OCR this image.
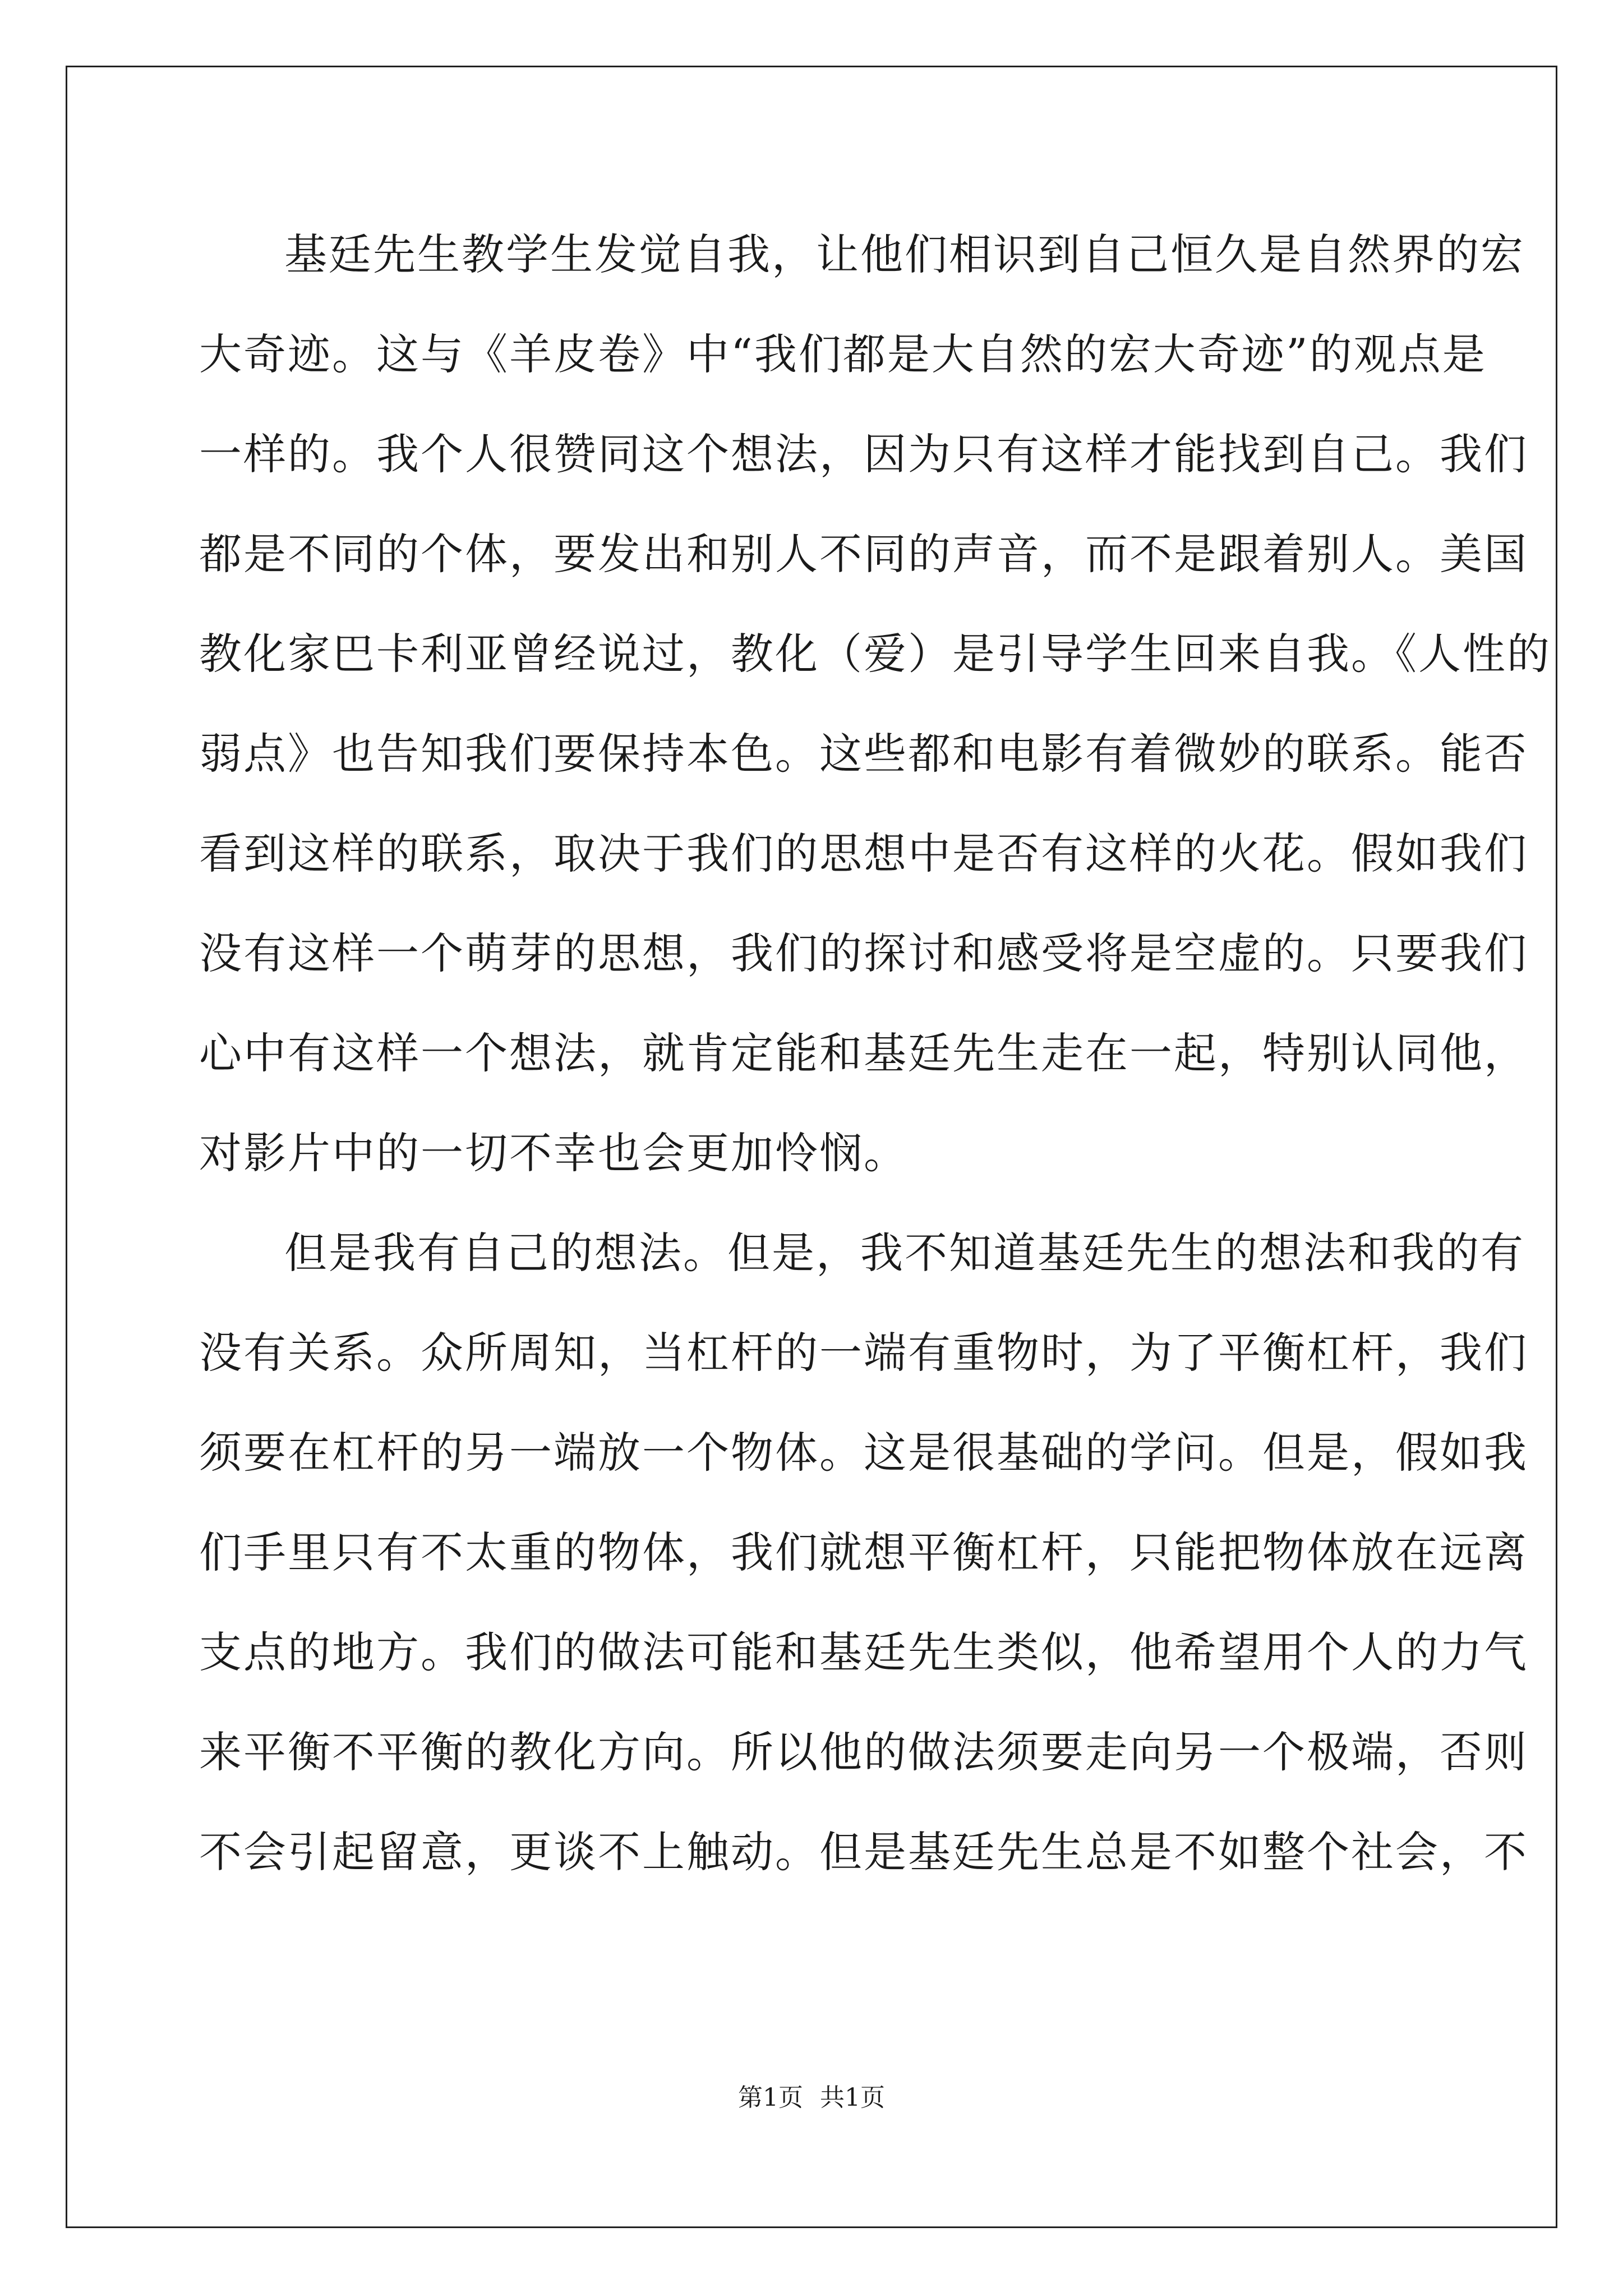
基廷先生教学生发觉自我，让他们相识到自己恒久是自然界的宏
大奇迹。这与《羊皮卷》中“我们都是大自然的宏大奇迹”的观点是
一样的。我个人很赞同这个想法，因为只有这样才能找到自己。我们
都是不同的个体，要发出和别人不同的声音，而不是跟着别人。美国
教化家巴卡利亚曾经说过，教化（爱）是引导学生回来自我。《人性的
弱点》也告知我们要保持本色。这些都和电影有着微妙的联系。能否
看到这样的联系，取决于我们的思想中是否有这样的火花。假如我们
没有这样一个萌芽的思想，我们的探讨和感受将是空虚的。只要我们
心中有这样一个想法，就肯定能和基廷先生走在一起，特别认同他，
对影片中的一切不幸也会更加怜悯。
但是我有自己的想法。但是，我不知道基廷先生的想法和我的有
没有关系。众所周知，当杠杆的一端有重物时，为了平衡杠杆，我们
须要在杠杆的另一端放一个物体。这是很基础的学问。但是，假如我
们手里只有不太重的物体，我们就想平衡杠杆，只能把物体放在远离
支点的地方。我们的做法可能和基廷先生类似，他希望用个人的力气
来平衡不平衡的教化方向。所以他的做法须要走向另一个极端，否则
不会引起留意，更谈不上触动。但是基廷先生总是不如整个社会，不
第1页 共1页
